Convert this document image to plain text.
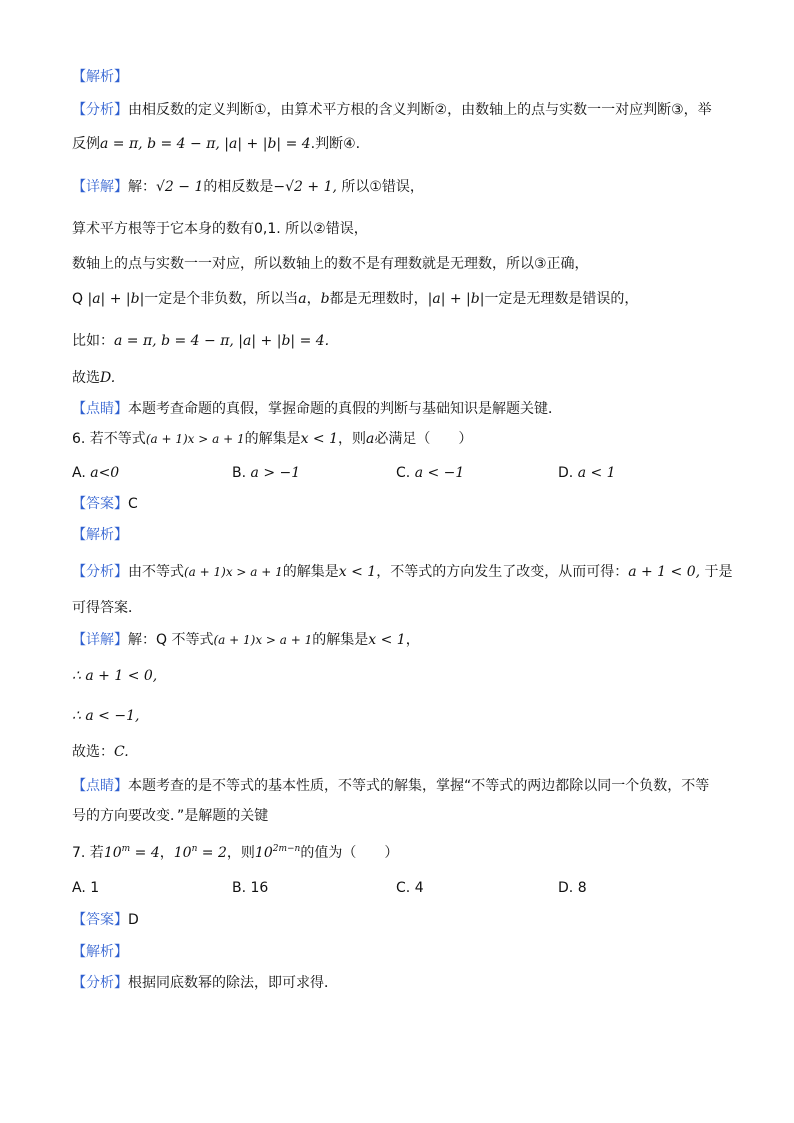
【解析】
【分析】由相反数的定义判断①，由算术平方根的含义判断②，由数轴上的点与实数一一对应判断③，举
反例a = π, b = 4 − π, |a| + |b| = 4.判断④.
【详解】解：√2 − 1的相反数是−√2 + 1, 所以①错误，
算术平方根等于它本身的数有0,1. 所以②错误，
数轴上的点与实数一一对应，所以数轴上的数不是有理数就是无理数，所以③正确，
Q |a| + |b|一定是个非负数，所以当a，b都是无理数时，|a| + |b|一定是无理数是错误的，
比如：a = π, b = 4 − π, |a| + |b| = 4.
故选D.
【点睛】本题考查命题的真假，掌握命题的真假的判断与基础知识是解题关键．
6. 若不等式(a + 1)x > a + 1的解集是x < 1，则a必满足（　　）
A. a<0	B. a > −1	C. a < −1	D. a < 1
【答案】C
【解析】
【分析】由不等式(a + 1)x > a + 1的解集是x < 1，不等式的方向发生了改变，从而可得：a + 1 < 0, 于是
可得答案．
【详解】解：Q 不等式(a + 1)x > a + 1的解集是x < 1，
∴ a + 1 < 0,
∴ a < −1,
故选：C.
【点睛】本题考查的是不等式的基本性质，不等式的解集，掌握“不等式的两边都除以同一个负数，不等
号的方向要改变．”是解题的关键
7. 若$10^m = 4$，$10^n = 2$，则$10^{2m-n}$的值为（　　）
A. 1	B. 16	C. 4	D. 8
【答案】D
【解析】
【分析】根据同底数幂的除法，即可求得．
